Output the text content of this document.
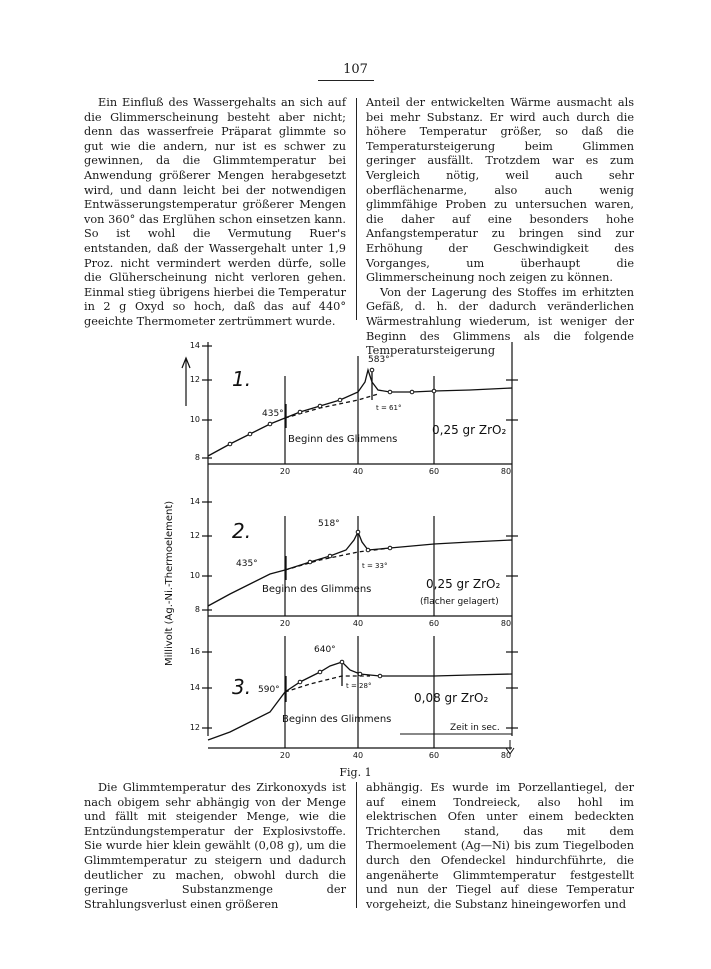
107

Ein Einfluß des Wassergehalts an sich auf die Glimmerscheinung besteht aber nicht; denn das wasserfreie Präparat glimmte so gut wie die andern, nur ist es schwer zu gewinnen, da die Glimmtemperatur bei Anwendung größerer Mengen herabgesetzt wird, und dann leicht bei der notwendigen Entwässerungstemperatur größerer Mengen von 360° das Erglühen schon einsetzen kann. So ist wohl die Vermutung Ruer's entstanden, daß der Wassergehalt unter 1,9 Proz. nicht vermindert werden dürfe, solle die Glüherscheinung nicht verloren gehen. Einmal stieg übrigens hierbei die Temperatur in 2 g Oxyd so hoch, daß das auf 440° geeichte Thermometer zertrümmert wurde.

Anteil der entwickelten Wärme ausmacht als bei mehr Substanz. Er wird auch durch die höhere Temperatur größer, so daß die Temperatursteigerung beim Glimmen geringer ausfällt. Trotzdem war es zum Vergleich nötig, weil auch sehr oberflächenarme, also auch wenig glimmfähige Proben zu untersuchen waren, die daher auf eine besonders hohe Anfangstemperatur zu bringen sind zur Erhöhung der Geschwindigkeit des Vorganges, um überhaupt die Glimmerscheinung noch zeigen zu können.

Von der Lagerung des Stoffes im erhitzten Gefäß, d. h. der dadurch veränderlichen Wärmestrahlung wiederum, ist weniger der Beginn des Glimmens als die folgende Temperatursteigerung

14
12
10
8
14
12
10
8
16
14
12
20	40	60	80
20	40	60	80
20	40	60	80
Millivolt (Ag.-Ni.-Thermoelement)
1.
583°
435°
t = 61°
Beginn des Glimmens
0,25 gr ZrO₂
2.	518°
435°	t = 33°
Beginn des Glimmens	0,25 gr ZrO₂
(flacher gelagert)
3.
640°
590°	t = 28°
Beginn des Glimmens
0,08 gr ZrO₂
Zeit in sec.
Fig. 1

Die Glimmtemperatur des Zirkonoxyds ist nach obigem sehr abhängig von der Menge und fällt mit steigender Menge, wie die Entzündungstemperatur der Explosivstoffe. Sie wurde hier klein gewählt (0,08 g), um die Glimmtemperatur zu steigern und dadurch deutlicher zu machen, obwohl durch die geringe Substanzmenge der Strahlungsverlust einen größeren

abhängig. Es wurde im Porzellantiegel, der auf einem Tondreieck, also hohl im elektrischen Ofen unter einem bedeckten Trichterchen stand, das mit dem Thermoelement (Ag—Ni) bis zum Tiegelboden durch den Ofendeckel hindurchführte, die angenäherte Glimmtemperatur festgestellt und nun der Tiegel auf diese Temperatur vorgeheizt, die Substanz hineingeworfen und
